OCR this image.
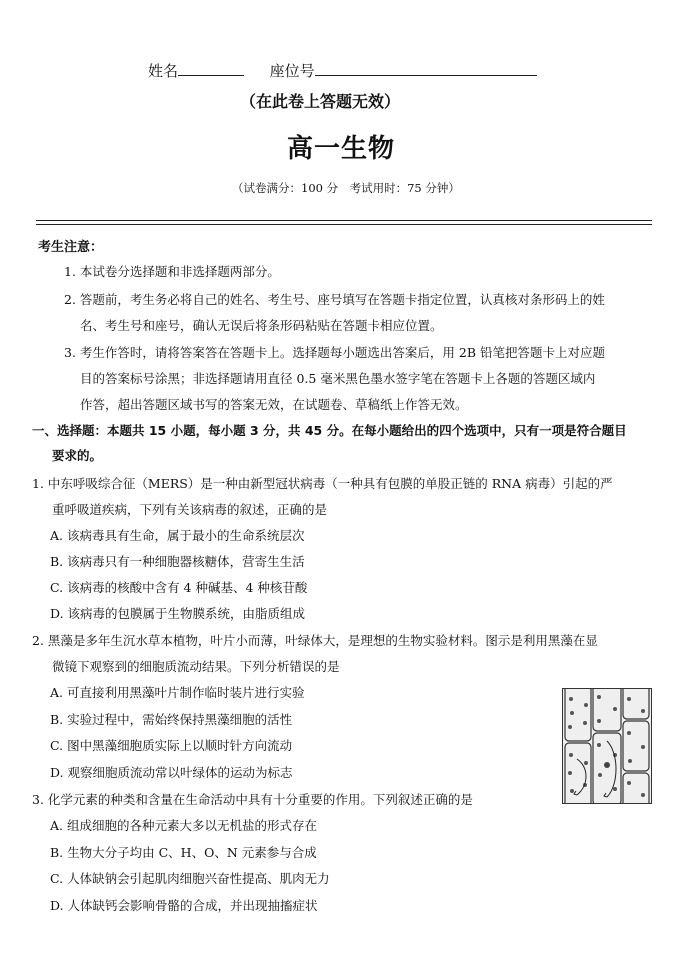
姓名	座位号
（在此卷上答题无效）
高一生物
（试卷满分：100 分　考试用时：75 分钟）
考生注意：
1. 本试卷分选择题和非选择题两部分。
2. 答题前，考生务必将自己的姓名、考生号、座号填写在答题卡指定位置，认真核对条形码上的姓
名、考生号和座号，确认无误后将条形码粘贴在答题卡相应位置。
3. 考生作答时，请将答案答在答题卡上。选择题每小题选出答案后，用 2B 铅笔把答题卡上对应题
目的答案标号涂黑；非选择题请用直径 0.5 毫米黑色墨水签字笔在答题卡上各题的答题区域内
作答，超出答题区域书写的答案无效，在试题卷、草稿纸上作答无效。
一、选择题：本题共 15 小题，每小题 3 分，共 45 分。在每小题给出的四个选项中，只有一项是符合题目
要求的。
1. 中东呼吸综合征（MERS）是一种由新型冠状病毒（一种具有包膜的单股正链的 RNA 病毒）引起的严
重呼吸道疾病，下列有关该病毒的叙述，正确的是
A. 该病毒具有生命，属于最小的生命系统层次
B. 该病毒只有一种细胞器核糖体，营寄生生活
C. 该病毒的核酸中含有 4 种碱基、4 种核苷酸
D. 该病毒的包膜属于生物膜系统，由脂质组成
2. 黑藻是多年生沉水草本植物，叶片小而薄，叶绿体大，是理想的生物实验材料。图示是利用黑藻在显
微镜下观察到的细胞质流动结果。下列分析错误的是
A. 可直接利用黑藻叶片制作临时装片进行实验
B. 实验过程中，需始终保持黑藻细胞的活性
C. 图中黑藻细胞质实际上以顺时针方向流动
D. 观察细胞质流动常以叶绿体的运动为标志
3. 化学元素的种类和含量在生命活动中具有十分重要的作用。下列叙述正确的是
A. 组成细胞的各种元素大多以无机盐的形式存在
B. 生物大分子均由 C、H、O、N 元素参与合成
C. 人体缺钠会引起肌肉细胞兴奋性提高、肌肉无力
D. 人体缺钙会影响骨骼的合成，并出现抽搐症状
